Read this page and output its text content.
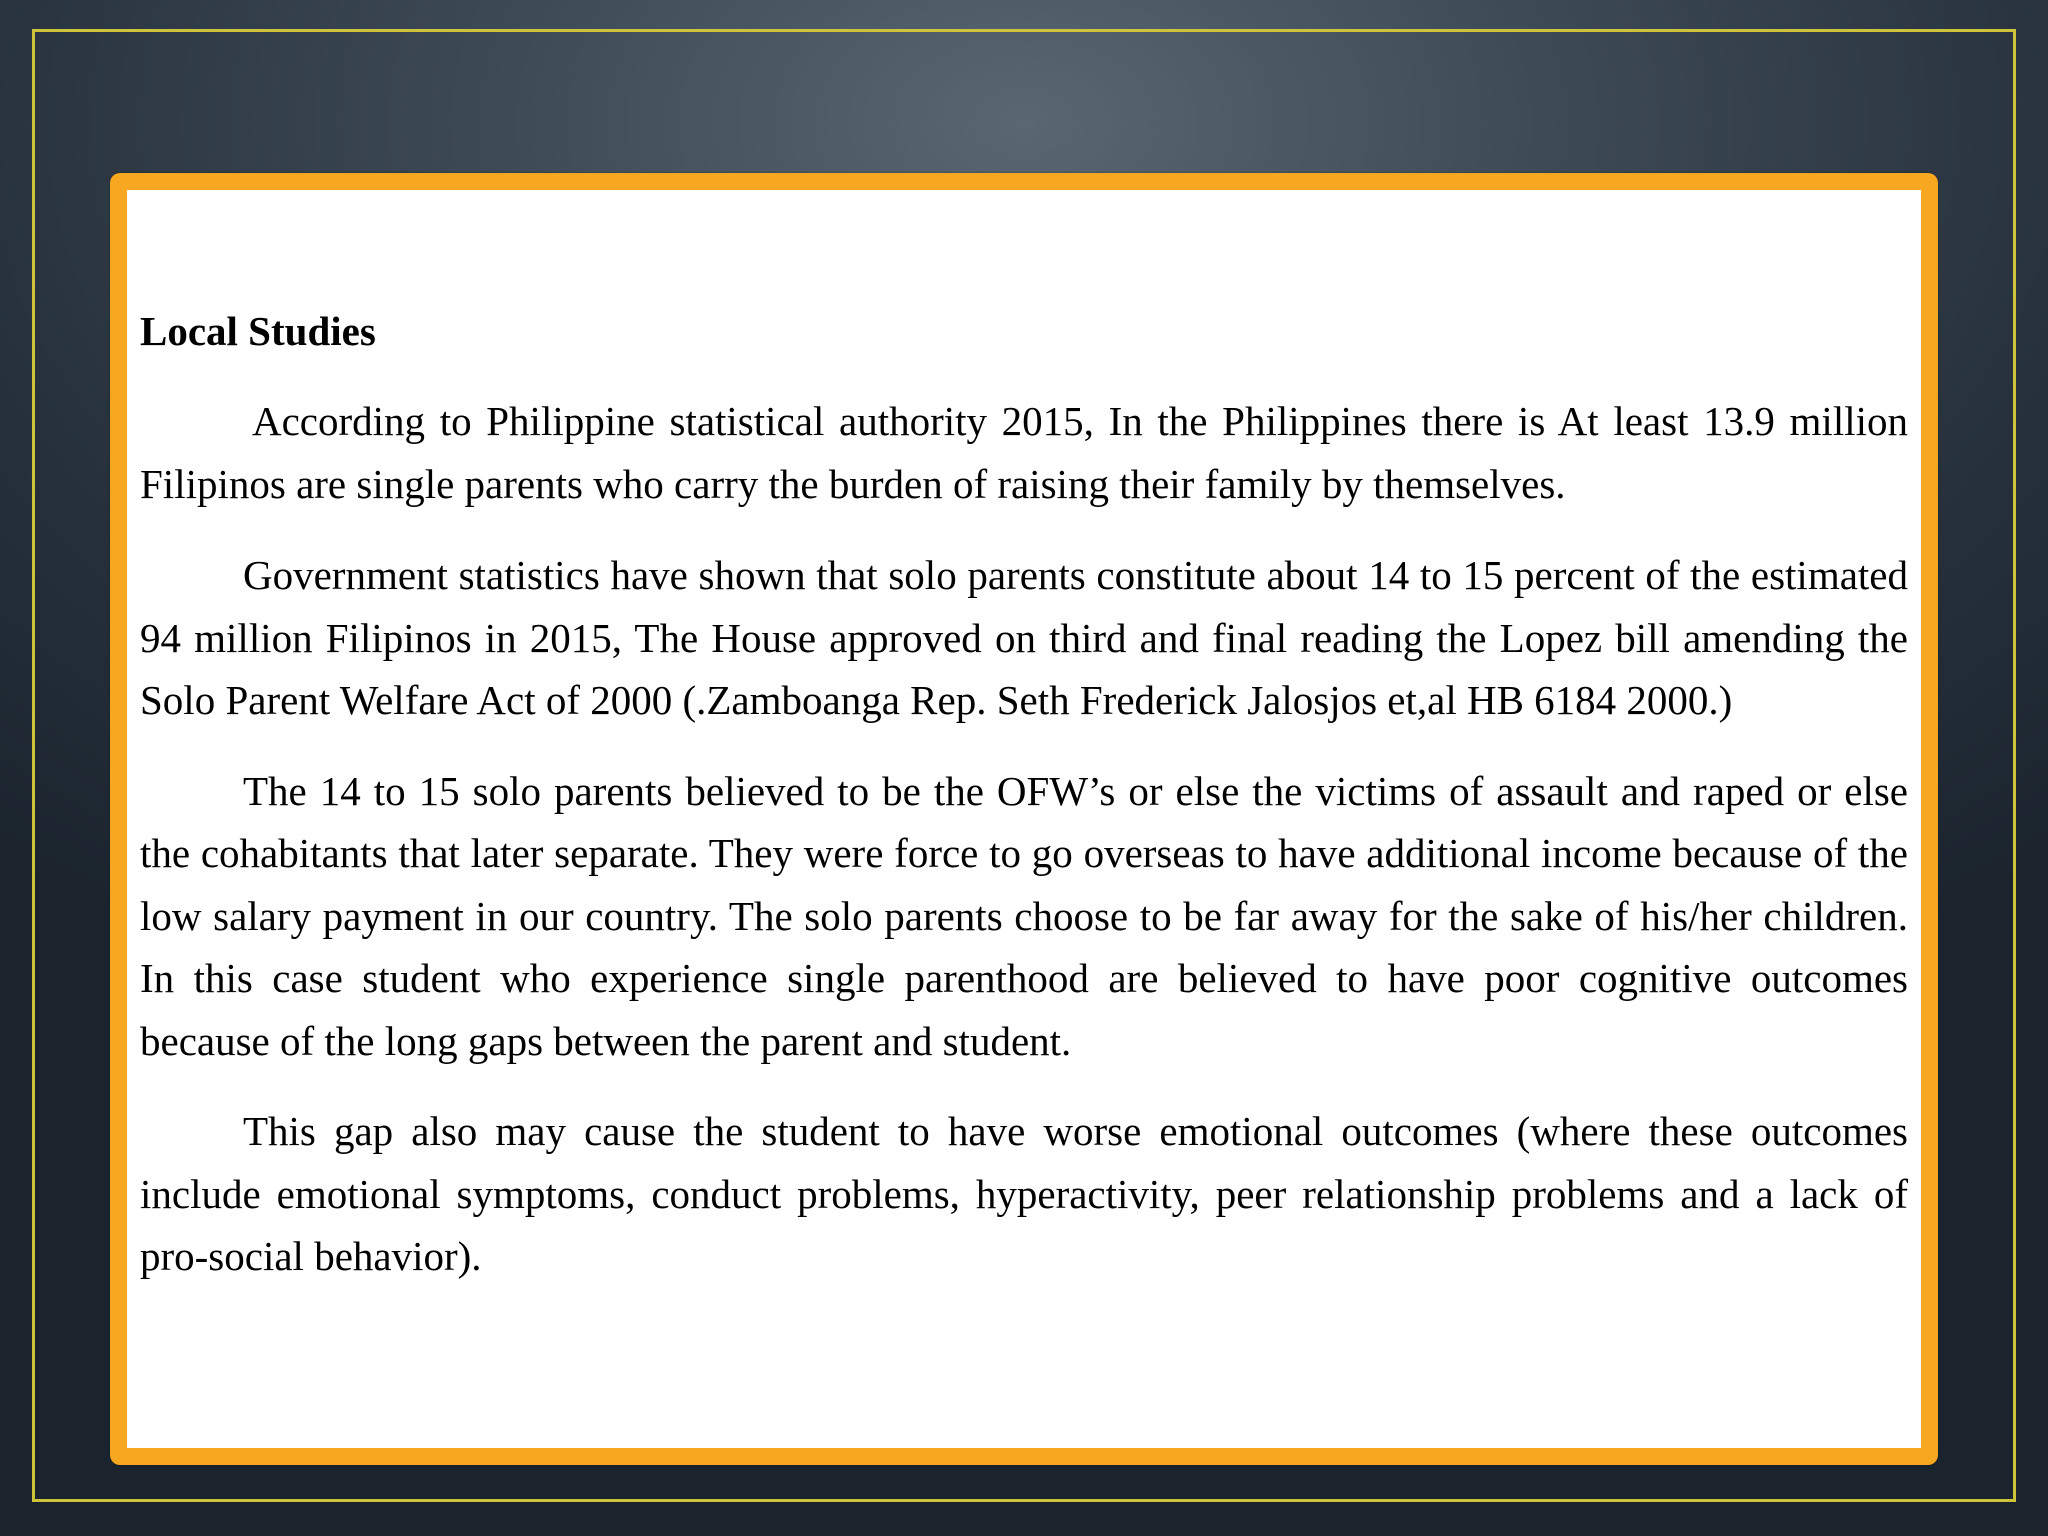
Local Studies

According to Philippine statistical authority 2015, In the Philippines there is At least 13.9 million Filipinos are single parents who carry the burden of raising their family by themselves.

Government statistics have shown that solo parents constitute about 14 to 15 percent of the estimated 94 million Filipinos in 2015, The House approved on third and final reading the Lopez bill amending the Solo Parent Welfare Act of 2000 (.Zamboanga Rep. Seth Frederick Jalosjos et,al HB 6184 2000.)

The 14 to 15 solo parents believed to be the OFW’s or else the victims of assault and raped or else the cohabitants that later separate. They were force to go overseas to have additional income because of the low salary payment in our country. The solo parents choose to be far away for the sake of his/her children. In this case student who experience single parenthood are believed to have poor cognitive outcomes because of the long gaps between the parent and student.

This gap also may cause the student to have worse emotional outcomes (where these outcomes include emotional symptoms, conduct problems, hyperactivity, peer relationship problems and a lack of pro-social behavior).
